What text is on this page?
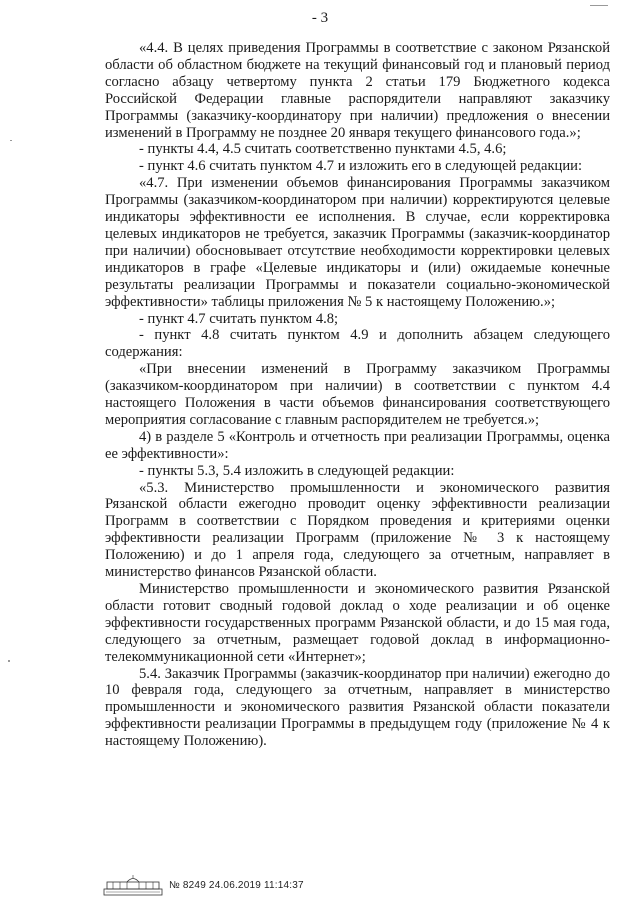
- 3

«4.4. В целях приведения Программы в соответствие с законом Рязанской области об областном бюджете на текущий финансовый год и плановый период согласно абзацу четвертому пункта 2 статьи 179 Бюджетного кодекса Российской Федерации главные распорядители направляют заказчику Программы (заказчику-координатору при наличии) предложения о внесении изменений в Программу не позднее 20 января текущего финансового года.»;

- пункты 4.4, 4.5 считать соответственно пунктами 4.5, 4.6;

- пункт 4.6 считать пунктом 4.7 и изложить его в следующей редакции:

«4.7. При изменении объемов финансирования Программы заказчиком Программы (заказчиком-координатором при наличии) корректируются целевые индикаторы эффективности ее исполнения. В случае, если корректировка целевых индикаторов не требуется, заказчик Программы (заказчик-координатор при наличии) обосновывает отсутствие необходимости корректировки целевых индикаторов в графе «Целевые индикаторы и (или) ожидаемые конечные результаты реализации Программы и показатели социально-экономической эффективности» таблицы приложения № 5 к настоящему Положению.»;

- пункт 4.7 считать пунктом 4.8;

- пункт 4.8 считать пунктом 4.9 и дополнить абзацем следующего содержания:

«При внесении изменений в Программу заказчиком Программы (заказчиком-координатором при наличии) в соответствии с пунктом 4.4 настоящего Положения в части объемов финансирования соответствующего мероприятия согласование с главным распорядителем не требуется.»;

4) в разделе 5 «Контроль и отчетность при реализации Программы, оценка ее эффективности»:

- пункты 5.3, 5.4 изложить в следующей редакции:

«5.3. Министерство промышленности и экономического развития Рязанской области ежегодно проводит оценку эффективности реализации Программ в соответствии с Порядком проведения и критериями оценки эффективности реализации Программ (приложение № 3 к настоящему Положению) и до 1 апреля года, следующего за отчетным, направляет в министерство финансов Рязанской области.

Министерство промышленности и экономического развития Рязанской области готовит сводный годовой доклад о ходе реализации и об оценке эффективности государственных программ Рязанской области, и до 15 мая года, следующего за отчетным, размещает годовой доклад в информационно-телекоммуникационной сети «Интернет»;

5.4. Заказчик Программы (заказчик-координатор при наличии) ежегодно до 10 февраля года, следующего за отчетным, направляет в министерство промышленности и экономического развития Рязанской области показатели эффективности реализации Программы в предыдущем году (приложение № 4 к настоящему Положению).

№ 8249 24.06.2019 11:14:37
